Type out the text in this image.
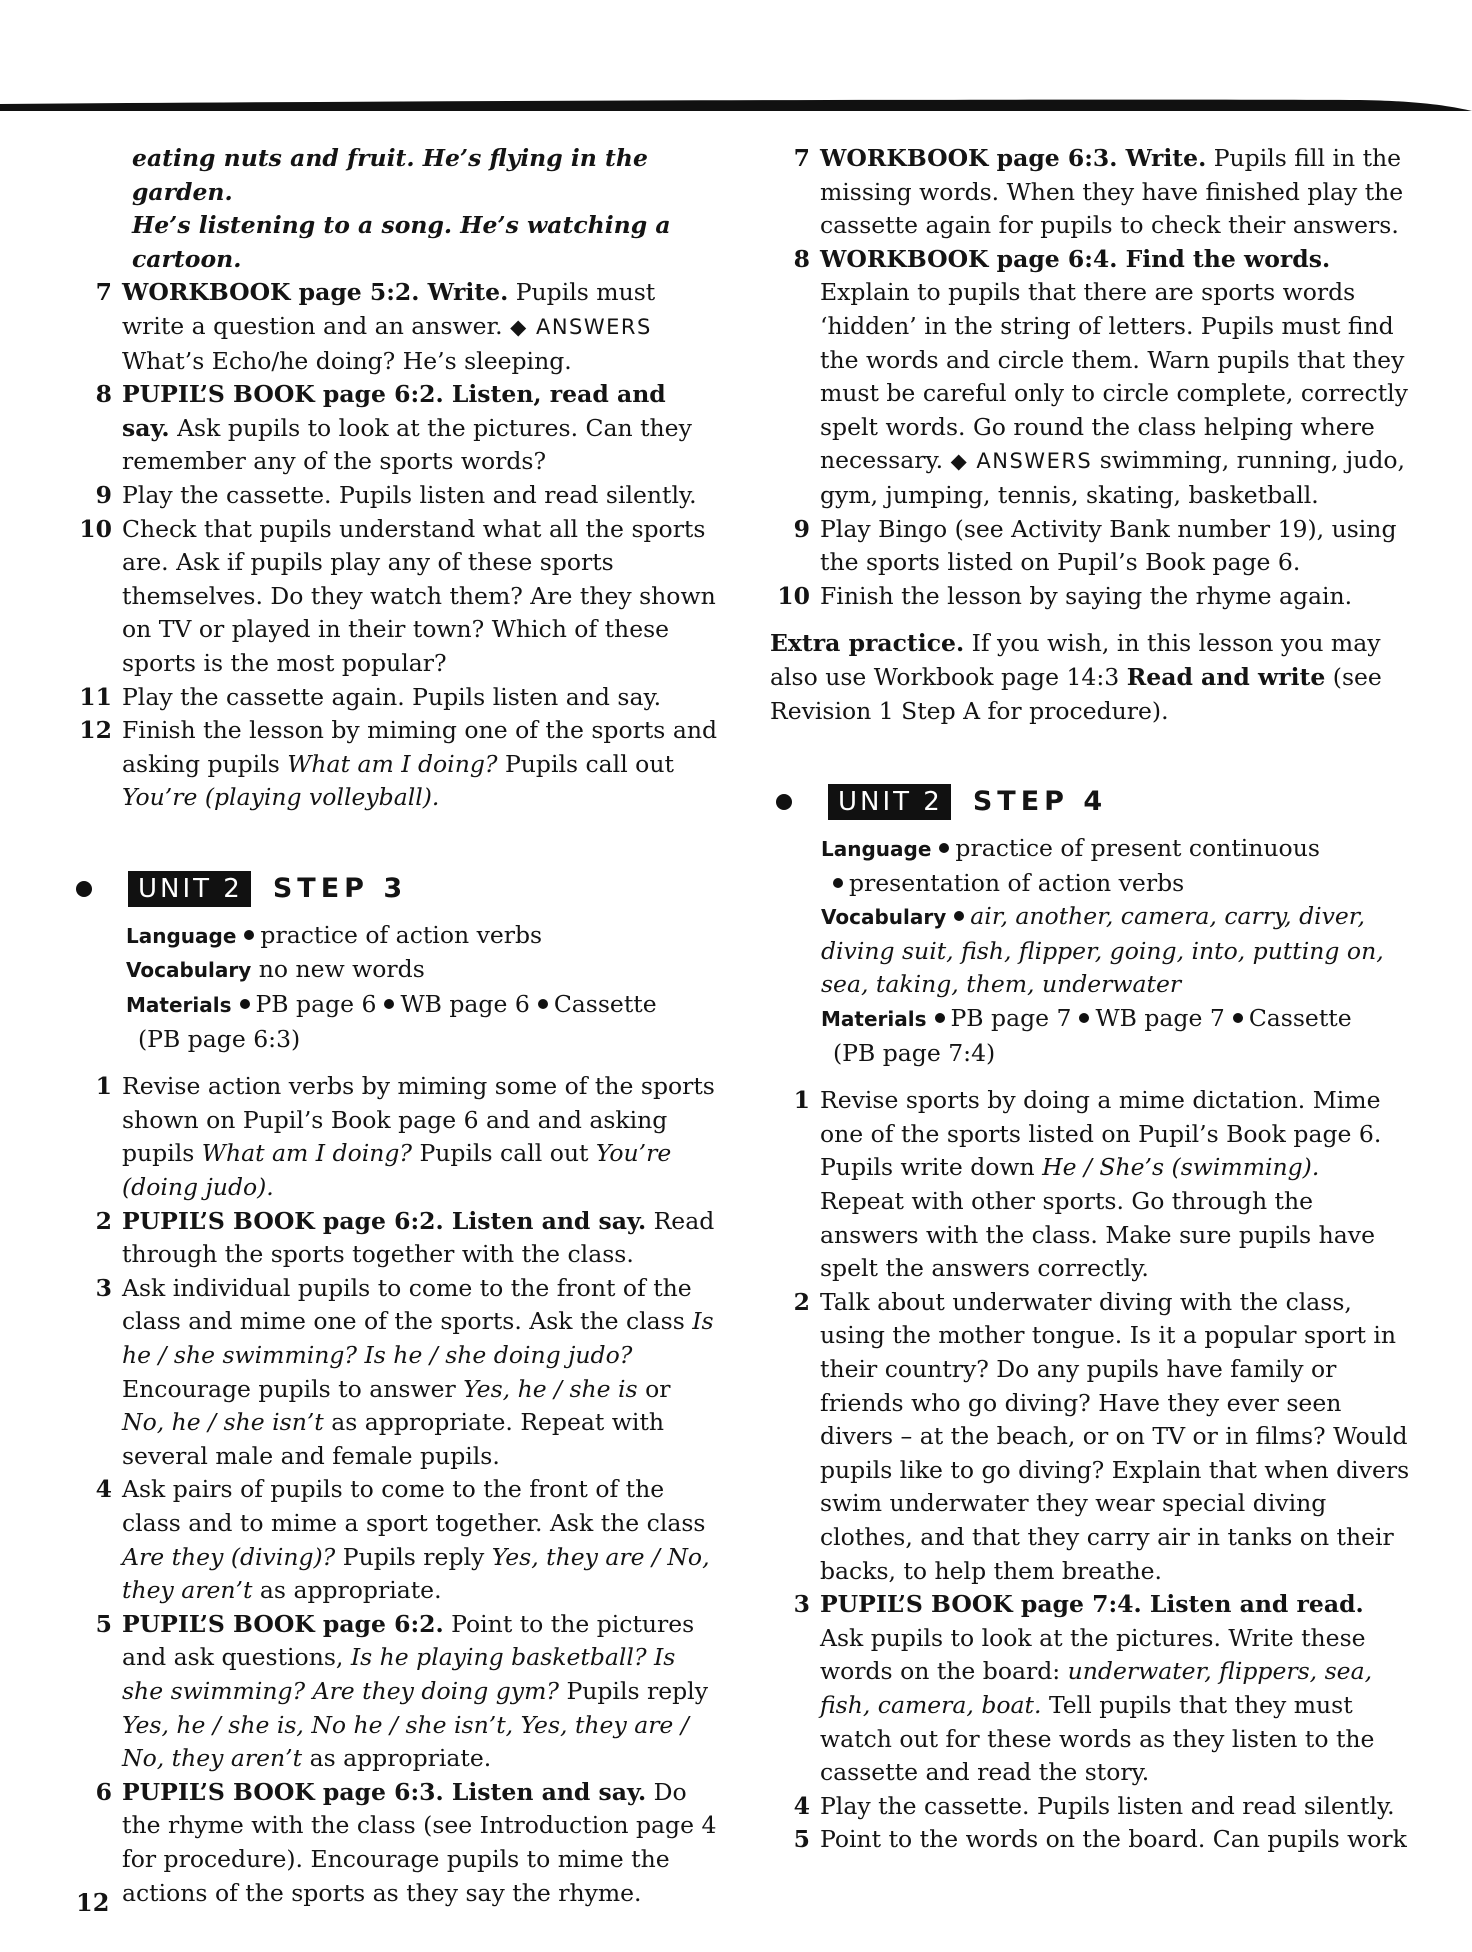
eating nuts and fruit. He’s flying in the garden.
He’s listening to a song. He’s watching a cartoon.
7 WORKBOOK page 5:2. Write. Pupils must write a question and an answer. ◆ ANSWERS What’s Echo/he doing? He’s sleeping.
8 PUPIL’S BOOK page 6:2. Listen, read and say. Ask pupils to look at the pictures. Can they remember any of the sports words?
9 Play the cassette. Pupils listen and read silently.
10 Check that pupils understand what all the sports are. Ask if pupils play any of these sports themselves. Do they watch them? Are they shown on TV or played in their town? Which of these sports is the most popular?
11 Play the cassette again. Pupils listen and say.
12 Finish the lesson by miming one of the sports and asking pupils What am I doing? Pupils call out You’re (playing volleyball).
UNIT 2 STEP 3
Language practice of action verbs
Vocabulary no new words
Materials PB page 6 WB page 6 Cassette
(PB page 6:3)
1 Revise action verbs by miming some of the sports shown on Pupil’s Book page 6 and and asking pupils What am I doing? Pupils call out You’re (doing judo).
2 PUPIL’S BOOK page 6:2. Listen and say. Read through the sports together with the class.
3 Ask individual pupils to come to the front of the class and mime one of the sports. Ask the class Is he / she swimming? Is he / she doing judo? Encourage pupils to answer Yes, he / she is or No, he / she isn’t as appropriate. Repeat with several male and female pupils.
4 Ask pairs of pupils to come to the front of the class and to mime a sport together. Ask the class Are they (diving)? Pupils reply Yes, they are / No, they aren’t as appropriate.
5 PUPIL’S BOOK page 6:2. Point to the pictures and ask questions, Is he playing basketball? Is she swimming? Are they doing gym? Pupils reply Yes, he / she is, No he / she isn’t, Yes, they are / No, they aren’t as appropriate.
6 PUPIL’S BOOK page 6:3. Listen and say. Do the rhyme with the class (see Introduction page 4 for procedure). Encourage pupils to mime the actions of the sports as they say the rhyme.
7 WORKBOOK page 6:3. Write. Pupils fill in the missing words. When they have finished play the cassette again for pupils to check their answers.
8 WORKBOOK page 6:4. Find the words. Explain to pupils that there are sports words ‘hidden’ in the string of letters. Pupils must find the words and circle them. Warn pupils that they must be careful only to circle complete, correctly spelt words. Go round the class helping where necessary. ◆ ANSWERS swimming, running, judo, gym, jumping, tennis, skating, basketball.
9 Play Bingo (see Activity Bank number 19), using the sports listed on Pupil’s Book page 6.
10 Finish the lesson by saying the rhyme again.
Extra practice. If you wish, in this lesson you may also use Workbook page 14:3 Read and write (see Revision 1 Step A for procedure).
UNIT 2 STEP 4
Language practice of present continuous
presentation of action verbs
Vocabulary air, another, camera, carry, diver, diving suit, fish, flipper, going, into, putting on, sea, taking, them, underwater
Materials PB page 7 WB page 7 Cassette
(PB page 7:4)
1 Revise sports by doing a mime dictation. Mime one of the sports listed on Pupil’s Book page 6. Pupils write down He / She’s (swimming). Repeat with other sports. Go through the answers with the class. Make sure pupils have spelt the answers correctly.
2 Talk about underwater diving with the class, using the mother tongue. Is it a popular sport in their country? Do any pupils have family or friends who go diving? Have they ever seen divers – at the beach, or on TV or in films? Would pupils like to go diving? Explain that when divers swim underwater they wear special diving clothes, and that they carry air in tanks on their backs, to help them breathe.
3 PUPIL’S BOOK page 7:4. Listen and read. Ask pupils to look at the pictures. Write these words on the board: underwater, flippers, sea, fish, camera, boat. Tell pupils that they must watch out for these words as they listen to the cassette and read the story.
4 Play the cassette. Pupils listen and read silently.
5 Point to the words on the board. Can pupils work
12
